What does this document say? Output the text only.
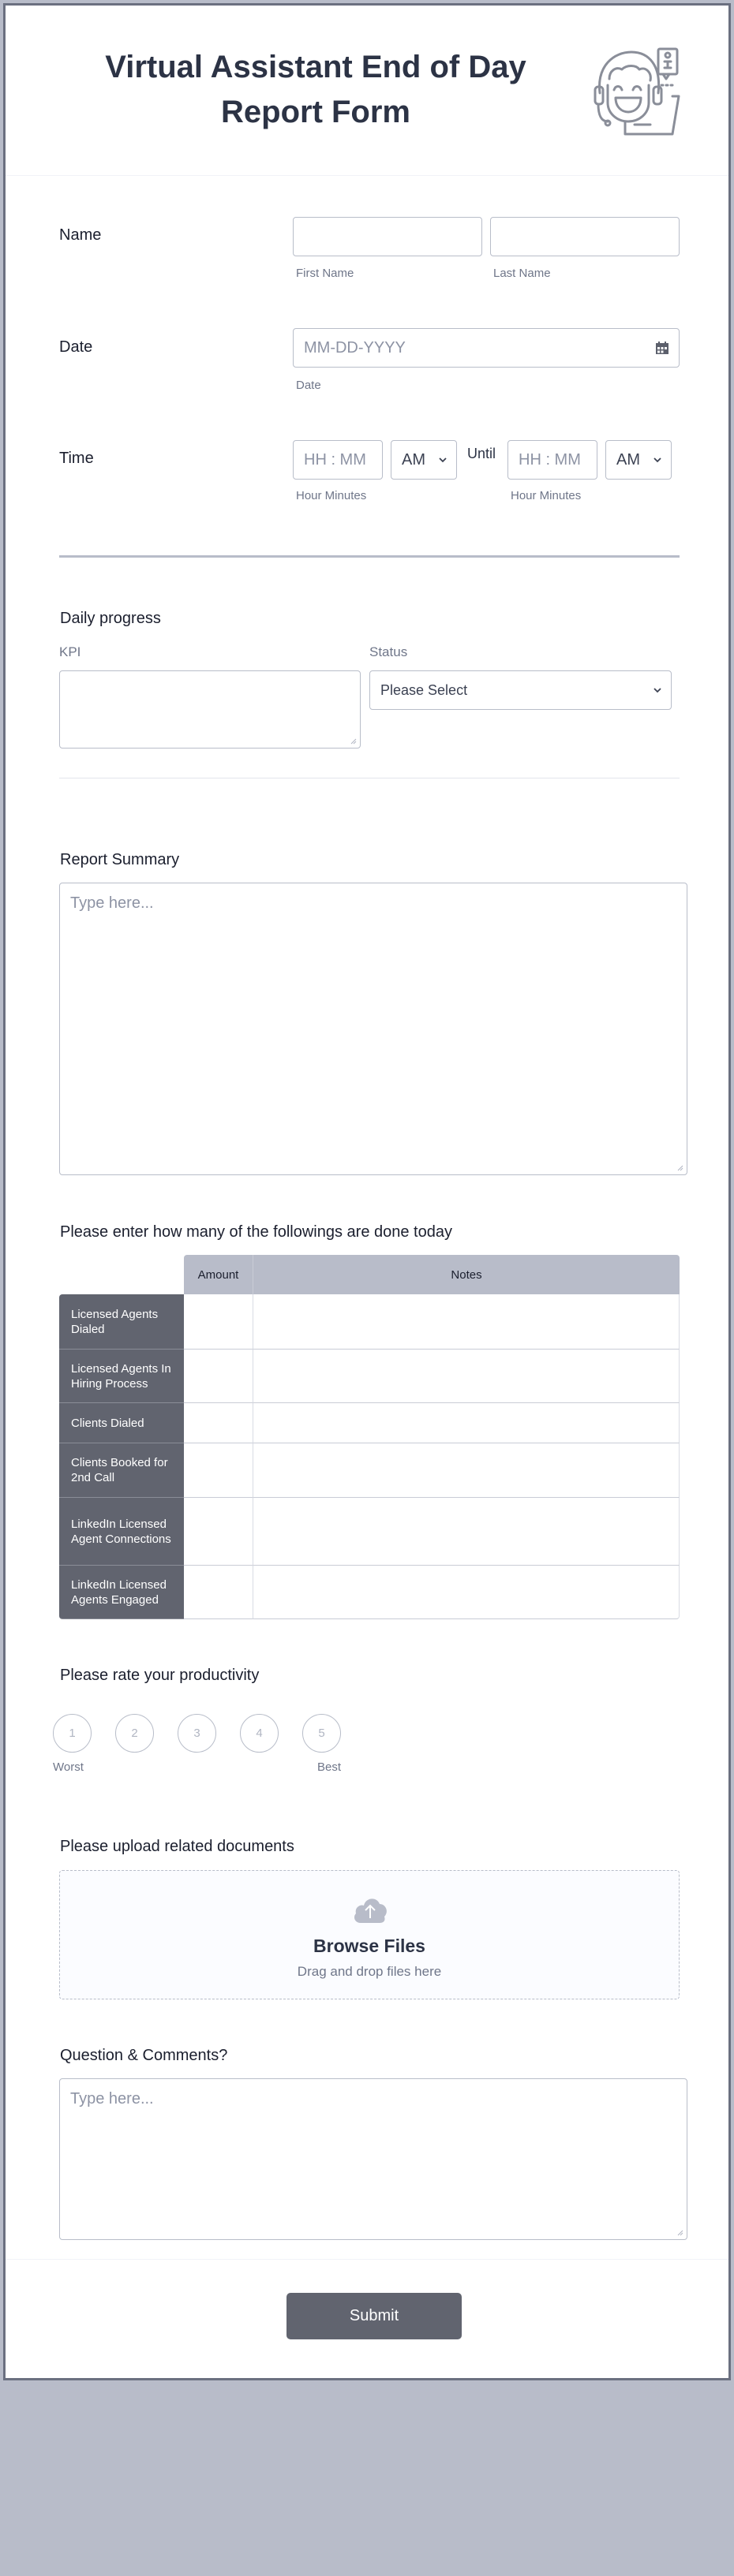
Virtual Assistant End of Day Report Form
Name
First Name	Last Name
Date	MM-DD-YYYY
Date
Time	HH : MM AM	Until HH : MM AM
Hour Minutes	Hour Minutes
Daily progress
KPI	Status
Please Select
Report Summary
Type here...
Please enter how many of the followings are done today
Amount	Notes
Licensed Agents Dialed
Licensed Agents In Hiring Process
Clients Dialed
Clients Booked for 2nd Call
LinkedIn Licensed Agent Connections
LinkedIn Licensed Agents Engaged
Please rate your productivity
1	2	3	4	5
Worst	Best
Please upload related documents
Browse Files
Drag and drop files here
Question & Comments?
Type here...
Submit
